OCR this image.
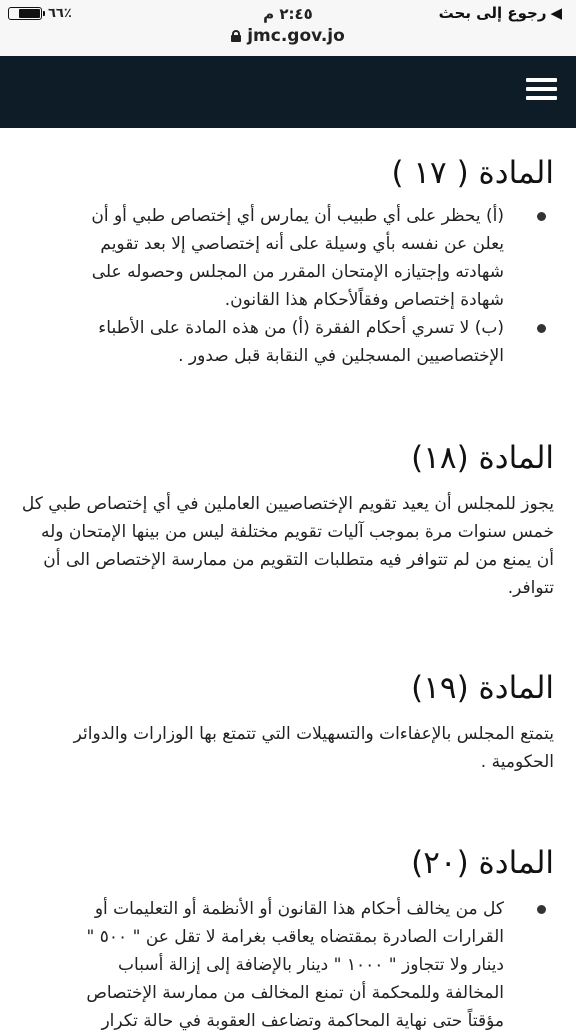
◀
رجوع إلى بحث
٢:٤٥ م
٦٦٪
jmc.gov.jo
المادة ( ١٧ )
(أ) يحظر على أي طبيب أن يمارس أي إختصاص طبي أو أن يعلن عن نفسه بأي وسيلة على أنه إختصاصي إلا بعد تقويم شهادته وإجتيازه الإمتحان المقرر من المجلس وحصوله على شهادة إختصاص وفقاًلأحكام هذا القانون.
(ب) لا تسري أحكام الفقرة (أ) من هذه المادة على الأطباء الإختصاصيين المسجلين في النقابة قبل صدور .
المادة (١٨)

يجوز للمجلس أن يعيد تقويم الإختصاصيين العاملين في أي إختصاص طبي كل خمس سنوات مرة بموجب آليات تقويم مختلفة ليس من بينها الإمتحان وله أن يمنع من لم تتوافر فيه متطلبات التقويم من ممارسة الإختصاص الى أن تتوافر.

المادة (١٩)

يتمتع المجلس بالإعفاءات والتسهيلات التي تتمتع بها الوزارات والدوائر الحكومية .

المادة (٢٠)
كل من يخالف أحكام هذا القانون أو الأنظمة أو التعليمات أو القرارات الصادرة بمقتضاه يعاقب بغرامة لا تقل عن " ٥٠٠ " دينار ولا تتجاوز " ١٠٠٠ " دينار بالإضافة إلى إزالة أسباب المخالفة وللمحكمة أن تمنع المخالف من ممارسة الإختصاص مؤقتاً حتى نهاية المحاكمة وتضاعف العقوبة في حالة تكرار
